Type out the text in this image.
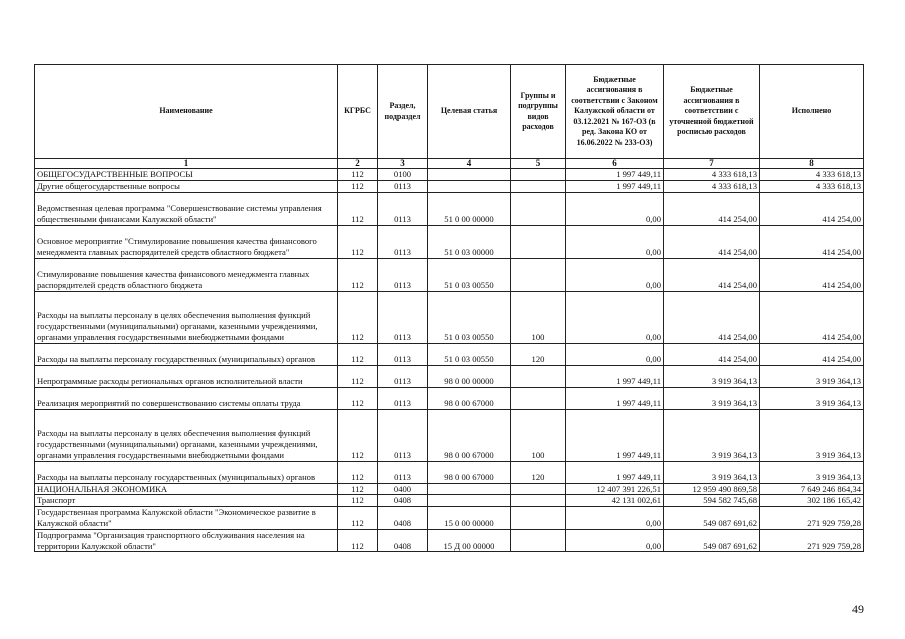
Наименование	КГРБС	Раздел, подраздел	Целевая статья	Группы и подгруппы видов расходов	Бюджетные ассигнования в соответствии с Законом Калужской области от 03.12.2021 № 167-ОЗ (в ред. Закона КО от 16.06.2022 № 233-ОЗ)	Бюджетные ассигнования в соответствии с уточненной бюджетной росписью расходов	Исполнено
1	2	3	4	5	6	7	8
ОБЩЕГОСУДАРСТВЕННЫЕ ВОПРОСЫ	112	0100			1 997 449,11	4 333 618,13	4 333 618,13
Другие общегосударственные вопросы	112	0113			1 997 449,11	4 333 618,13	4 333 618,13
Ведомственная целевая программа "Совершенствование системы управления общественными финансами Калужской области"	112	0113	51 0 00 00000		0,00	414 254,00	414 254,00
Основное мероприятие "Стимулирование повышения качества финансового менеджмента главных распорядителей средств областного бюджета"	112	0113	51 0 03 00000		0,00	414 254,00	414 254,00
Стимулирование повышения качества финансового менеджмента главных распорядителей средств областного бюджета	112	0113	51 0 03 00550		0,00	414 254,00	414 254,00
Расходы на выплаты персоналу в целях обеспечения выполнения функций государственными (муниципальными) органами, казенными учреждениями, органами управления государственными внебюджетными фондами	112	0113	51 0 03 00550	100	0,00	414 254,00	414 254,00
Расходы на выплаты персоналу государственных (муниципальных) органов	112	0113	51 0 03 00550	120	0,00	414 254,00	414 254,00
Непрограммные расходы региональных органов исполнительной власти	112	0113	98 0 00 00000		1 997 449,11	3 919 364,13	3 919 364,13
Реализация мероприятий по совершенствованию системы оплаты труда	112	0113	98 0 00 67000		1 997 449,11	3 919 364,13	3 919 364,13
Расходы на выплаты персоналу в целях обеспечения выполнения функций государственными (муниципальными) органами, казенными учреждениями, органами управления государственными внебюджетными фондами	112	0113	98 0 00 67000	100	1 997 449,11	3 919 364,13	3 919 364,13
Расходы на выплаты персоналу государственных (муниципальных) органов	112	0113	98 0 00 67000	120	1 997 449,11	3 919 364,13	3 919 364,13
НАЦИОНАЛЬНАЯ ЭКОНОМИКА	112	0400			12 407 391 226,51	12 959 490 869,58	7 649 246 864,34
Транспорт	112	0408			42 131 002,61	594 582 745,68	302 186 165,42
Государственная программа Калужской области "Экономическое развитие в Калужской области"	112	0408	15 0 00 00000		0,00	549 087 691,62	271 929 759,28
Подпрограмма "Организация транспортного обслуживания населения на территории Калужской области"	112	0408	15 Д 00 00000		0,00	549 087 691,62	271 929 759,28
49
